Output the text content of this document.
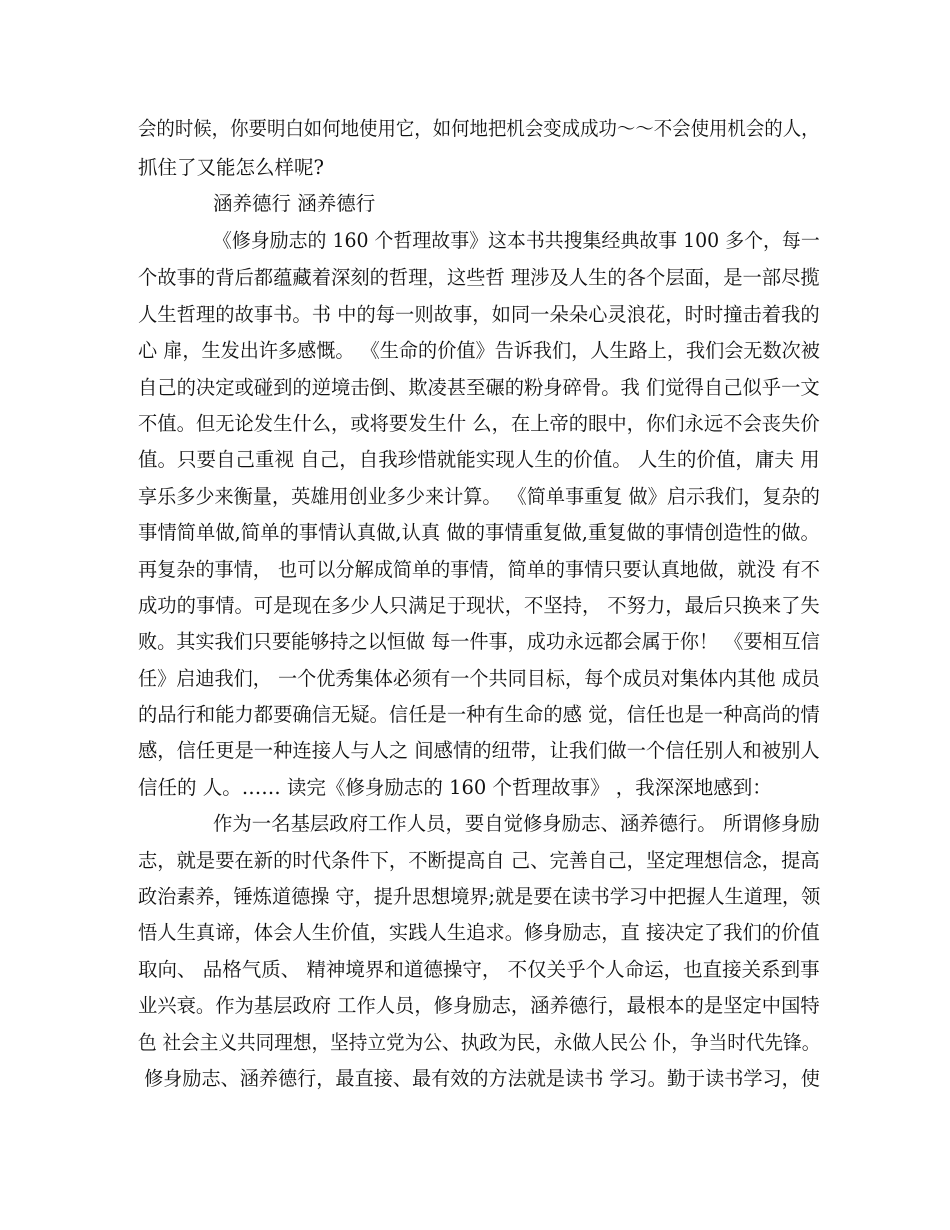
会的时候，你要明白如何地使用它，如何地把机会变成成功～～不会使用机会的人，
抓住了又能怎么样呢?
涵养德行 涵养德行
《修身励志的 160 个哲理故事》这本书共搜集经典故事 100 多个，每一
个故事的背后都蕴藏着深刻的哲理，这些哲 理涉及人生的各个层面，是一部尽揽
人生哲理的故事书。书 中的每一则故事，如同一朵朵心灵浪花，时时撞击着我的
心 扉，生发出许多感慨。 《生命的价值》告诉我们，人生路上，我们会无数次被
自己的决定或碰到的逆境击倒、欺凌甚至碾的粉身碎骨。我 们觉得自己似乎一文
不值。但无论发生什么，或将要发生什 么，在上帝的眼中，你们永远不会丧失价
值。只要自己重视 自己，自我珍惜就能实现人生的价值。 人生的价值，庸夫 用
享乐多少来衡量，英雄用创业多少来计算。 《简单事重复 做》启示我们，复杂的
事情简单做,简单的事情认真做,认真 做的事情重复做,重复做的事情创造性的做。
再复杂的事情， 也可以分解成简单的事情，简单的事情只要认真地做，就没 有不
成功的事情。可是现在多少人只满足于现状，不坚持， 不努力，最后只换来了失
败。其实我们只要能够持之以恒做 每一件事，成功永远都会属于你！ 《要相互信
任》启迪我们， 一个优秀集体必须有一个共同目标，每个成员对集体内其他 成员
的品行和能力都要确信无疑。信任是一种有生命的感 觉，信任也是一种高尚的情
感，信任更是一种连接人与人之 间感情的纽带，让我们做一个信任别人和被别人
信任的 人。…… 读完《修身励志的 160 个哲理故事》 ，我深深地感到：
作为一名基层政府工作人员，要自觉修身励志、涵养德行。 所谓修身励
志，就是要在新的时代条件下，不断提高自 己、完善自己，坚定理想信念，提高
政治素养，锤炼道德操 守，提升思想境界;就是要在读书学习中把握人生道理，领
悟人生真谛，体会人生价值，实践人生追求。修身励志，直 接决定了我们的价值
取向、 品格气质、 精神境界和道德操守， 不仅关乎个人命运，也直接关系到事
业兴衰。作为基层政府 工作人员，修身励志，涵养德行，最根本的是坚定中国特
色 社会主义共同理想，坚持立党为公、执政为民，永做人民公 仆，争当时代先锋。
修身励志、涵养德行，最直接、最有效的方法就是读书 学习。勤于读书学习，使
